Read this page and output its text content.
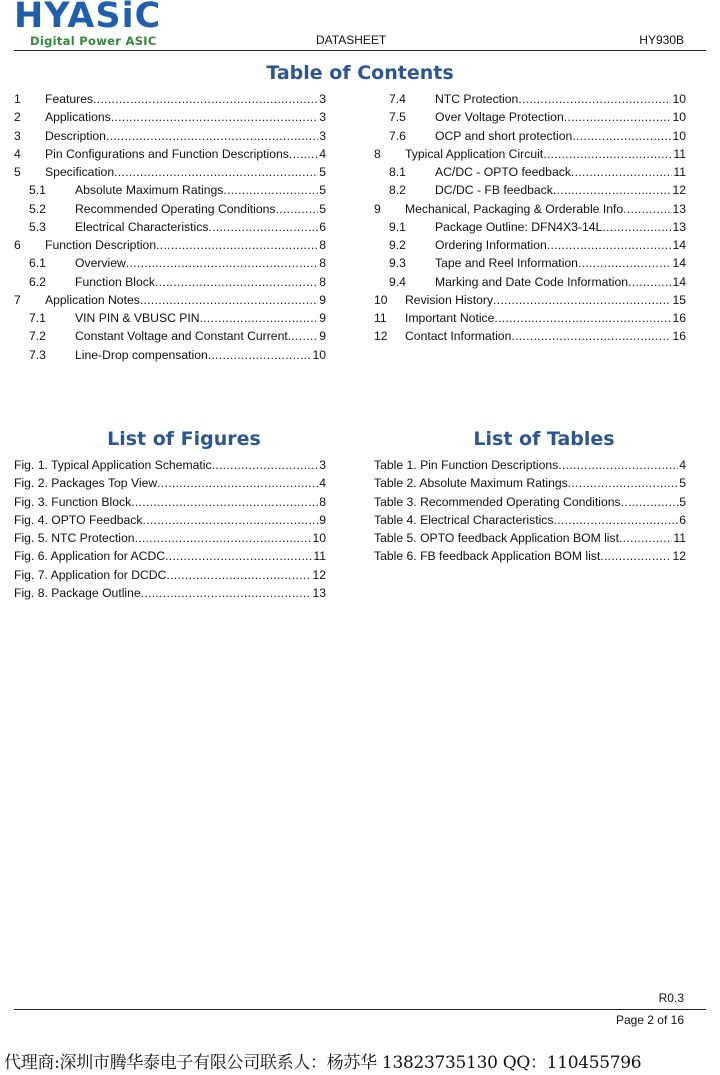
HYASiC
Digital Power ASIC	DATASHEET	HY930B
Table of Contents
1	Features .....	3
2	Applications .....	3
3	Description .....	3
4	Pin Configurations and Function Descriptions ..... 4
5	Specification .....	5
5.1	Absolute Maximum Ratings .....	5
5.2	Recommended Operating Conditions .....	5
5.3	Electrical Characteristics .....	6
6	Function Description .....	8
6.1	Overview .....	8
6.2	Function Block .....	8
7	Application Notes .....	9
7.1	VIN PIN & VBUSC PIN .....	9
7.2	Constant Voltage and Constant Current .....	9
7.3	Line-Drop compensation .....	10
7.4	NTC Protection .....	10
7.5	Over Voltage Protection .....	10
7.6	OCP and short protection .....	10
8	Typical Application Circuit .....	11
8.1	AC/DC - OPTO feedback .....	11
8.2	DC/DC - FB feedback .....	12
9	Mechanical, Packaging & Orderable Info .....	13
9.1	Package Outline: DFN4X3-14L .....	13
9.2	Ordering Information .....	14
9.3	Tape and Reel Information .....	14
9.4	Marking and Date Code Information .....	14
10	Revision History .....	15
11	Important Notice .....	16
12	Contact Information .....	16
List of Figures	List of Tables
Fig. 1. Typical Application Schematic .....	3
Fig. 2. Packages Top View .....	4
Fig. 3. Function Block .....	8
Fig. 4. OPTO Feedback .....	9
Fig. 5. NTC Protection .....	10
Fig. 6. Application for ACDC .....	11
Fig. 7. Application for DCDC .....	12
Fig. 8. Package Outline .....	13
Table 1. Pin Function Descriptions .....	4
Table 2. Absolute Maximum Ratings .....	5
Table 3. Recommended Operating Conditions .....	5
Table 4. Electrical Characteristics .....	6
Table 5. OPTO feedback Application BOM list .....	11
Table 6. FB feedback Application BOM list .....	12
R0.3
Page 2 of 16
代理商:深圳市腾华泰电子有限公司联系人：杨苏华 13823735130 QQ：110455796
